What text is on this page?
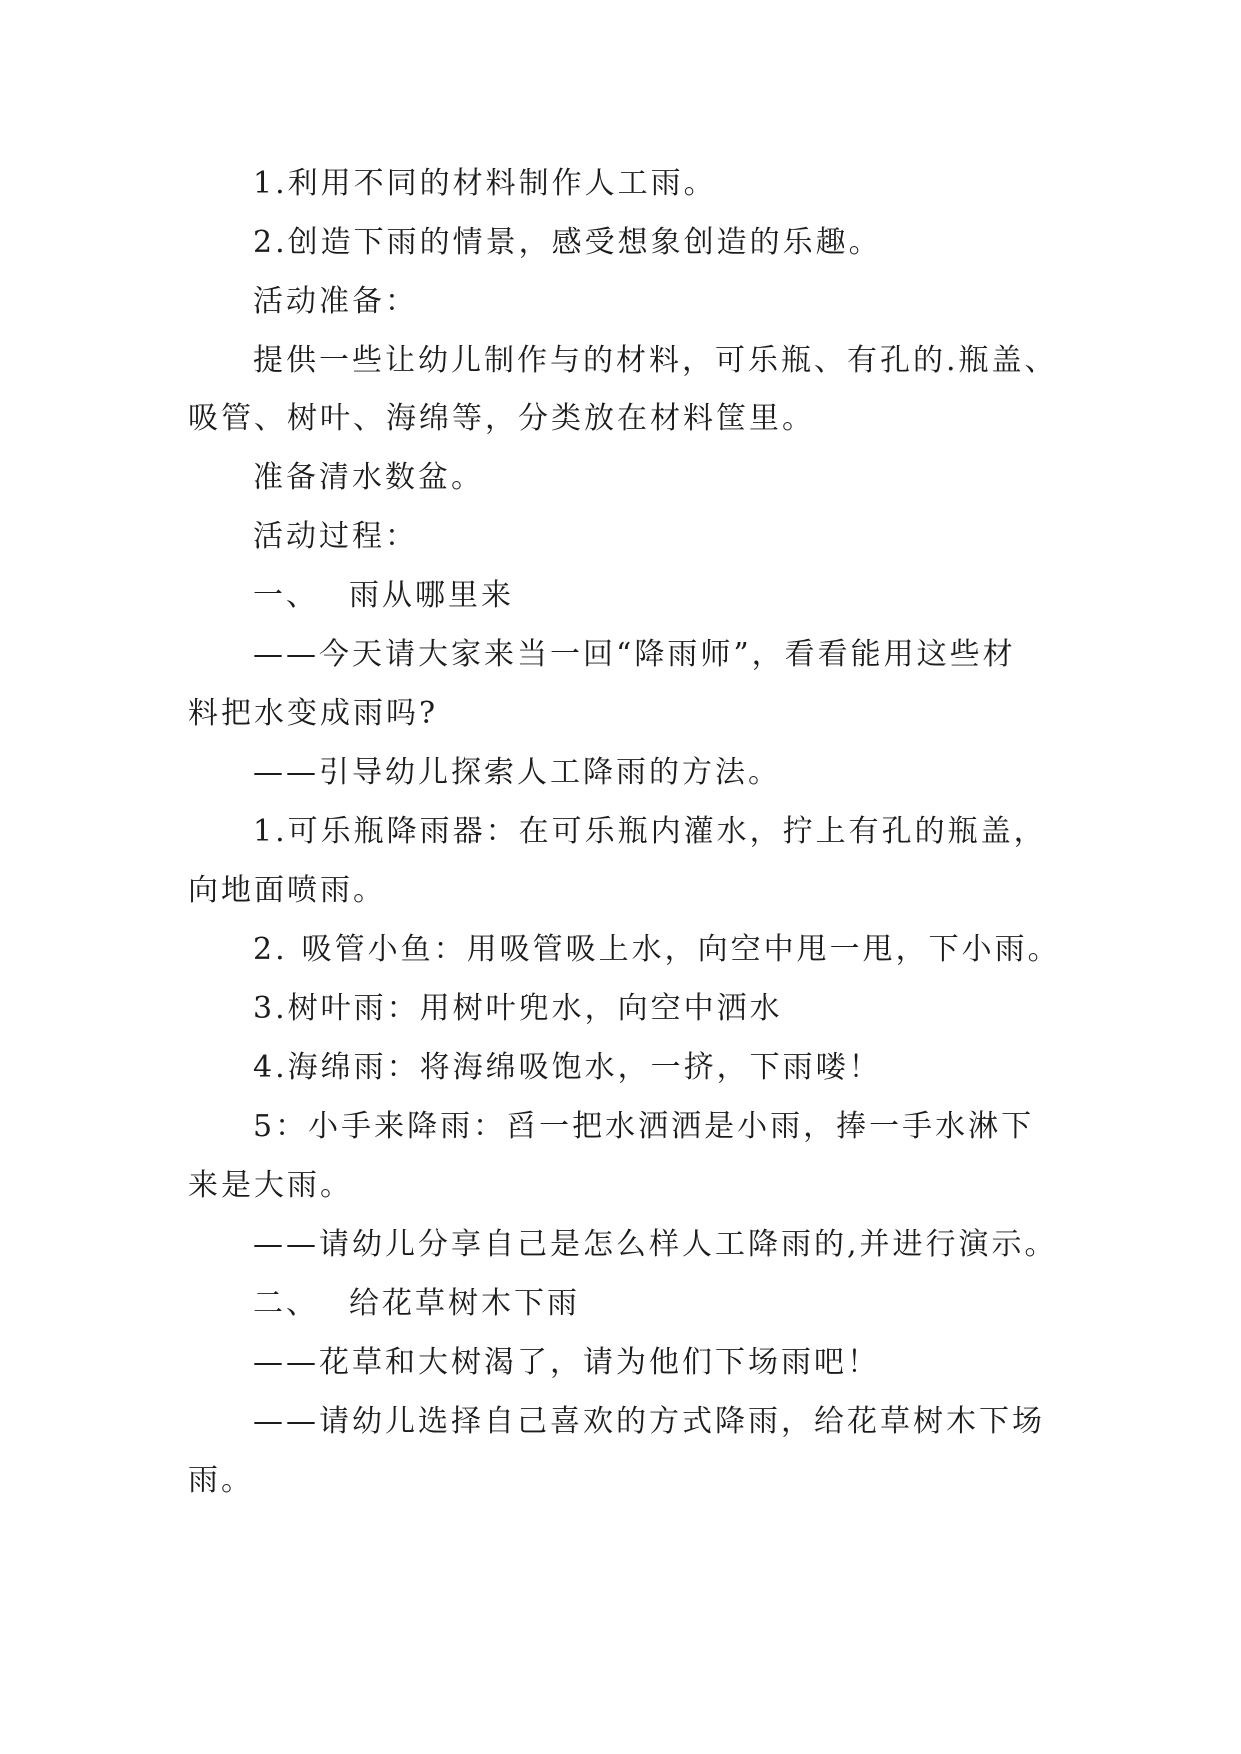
1.利用不同的材料制作人工雨。

2.创造下雨的情景，感受想象创造的乐趣。

活动准备：

提供一些让幼儿制作与的材料，可乐瓶、有孔的.瓶盖、

吸管、树叶、海绵等，分类放在材料筐里。

准备清水数盆。

活动过程：

一、 雨从哪里来

——今天请大家来当一回“降雨师”，看看能用这些材

料把水变成雨吗?

——引导幼儿探索人工降雨的方法。

1.可乐瓶降雨器：在可乐瓶内灌水，拧上有孔的瓶盖，

向地面喷雨。

2. 吸管小鱼：用吸管吸上水，向空中甩一甩，下小雨。

3.树叶雨：用树叶兜水，向空中洒水

4.海绵雨：将海绵吸饱水，一挤，下雨喽！

5：小手来降雨：舀一把水洒洒是小雨，捧一手水淋下

来是大雨。

——请幼儿分享自己是怎么样人工降雨的,并进行演示。

二、 给花草树木下雨

——花草和大树渴了，请为他们下场雨吧！

——请幼儿选择自己喜欢的方式降雨，给花草树木下场

雨。
